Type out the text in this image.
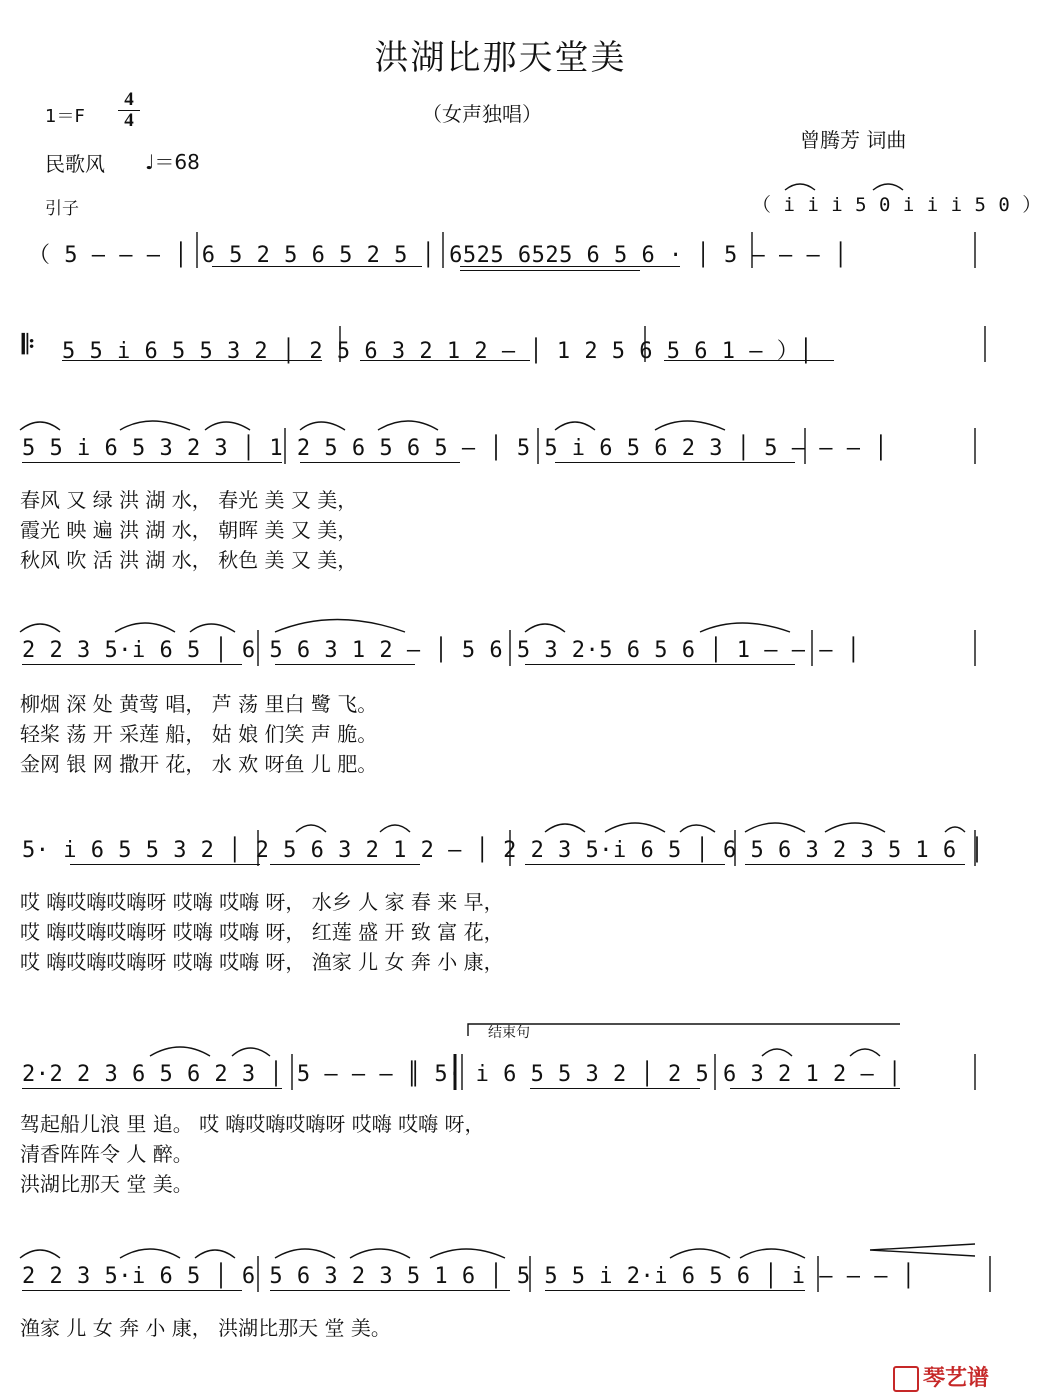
洪湖比那天堂美
（女声独唱）
1＝F
4
4
民歌风 ♩＝68
曾腾芳 词曲
引子	（ i i i 5 0 i i i 5 0 ）
（ 5 – – – │ 6 5 2 5 6 5 2 5 │ 6525 6525 6 5 6 · │ 5 – – – │
𝄆 5 5 i 6 5 5 3 2 │ 2 5 6 3 2 1 2 – │ 1 2 5 6 5 6 1 – ）│
5 5 i 6 5 3 2 3 │ 1 2 5 6 5 6 5 – │ 5 5 i 6 5 6 2 3 │ 5 – – – │
春风 又 绿 洪 湖 水， 春光 美 又 美，
霞光 映 遍 洪 湖 水， 朝晖 美 又 美，
秋风 吹 活 洪 湖 水， 秋色 美 又 美，
2 2 3 5·i 6 5 │ 6 5 6 3 1 2 – │ 5 6 5 3 2·5 6 5 6 │ 1 – – – │
柳烟 深 处 黄莺 唱， 芦 荡 里白 鹭 飞。
轻桨 荡 开 采莲 船， 姑 娘 们笑 声 脆。
金网 银 网 撒开 花， 水 欢 呀鱼 儿 肥。
5· i 6 5 5 3 2 │ 2 5 6 3 2 1 2 – │ 2 2 3 5·i 6 5 │ 6 5 6 3 2 3 5 1 6 │
哎 嗨哎嗨哎嗨呀 哎嗨 哎嗨 呀， 水乡 人 家 春 来 早，
哎 嗨哎嗨哎嗨呀 哎嗨 哎嗨 呀， 红莲 盛 开 致 富 花，
哎 嗨哎嗨哎嗨呀 哎嗨 哎嗨 呀， 渔家 儿 女 奔 小 康，
结束句
2·2 2 3 6 5 6 2 3 │ 5 – – – ║ 5· i 6 5 5 3 2 │ 2 5 6 3 2 1 2 – │
驾起船儿浪 里 追。 哎 嗨哎嗨哎嗨呀 哎嗨 哎嗨 呀，
清香阵阵令 人 醉。
洪湖比那天 堂 美。
2 2 3 5·i 6 5 │ 6 5 6 3 2 3 5 1 6 │ 5 5 5 i 2·i 6 5 6 │ i – – – │
渔家 儿 女 奔 小 康， 洪湖比那天 堂 美。
琴艺谱
